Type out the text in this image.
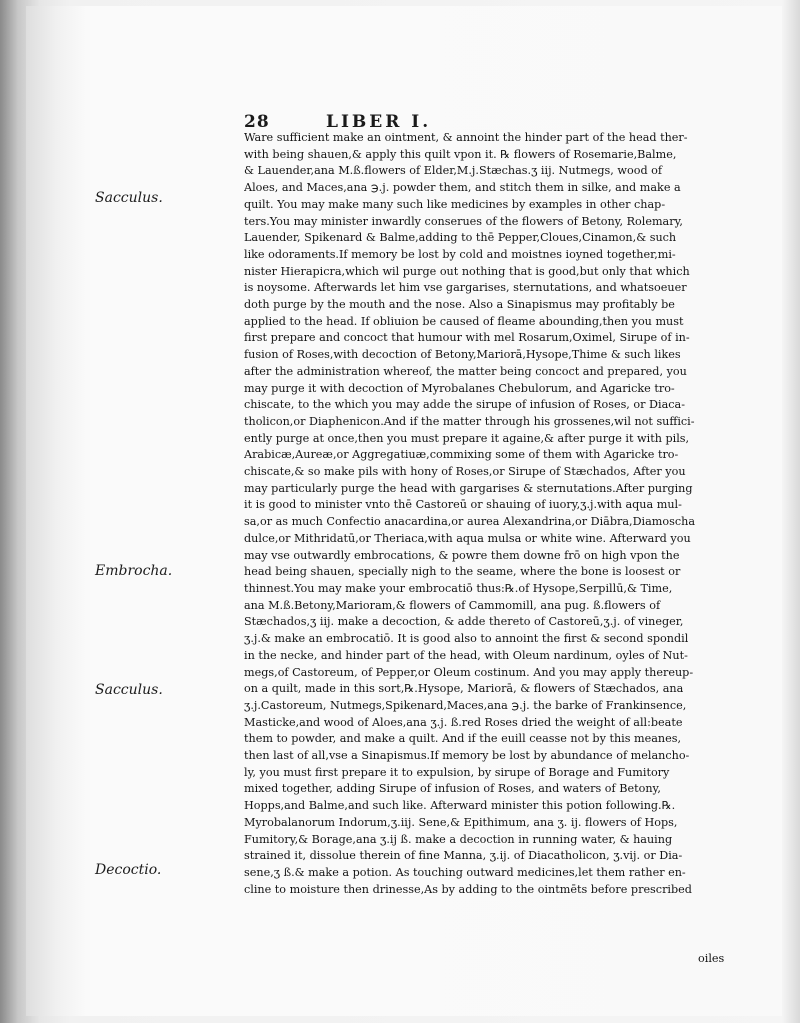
28	LIBER I.
Sacculus.
Embrocha.
Sacculus.
Decoctio.
Ware sufficient make an ointment, & annoint the hinder part of the head ther-
with being shauen,& apply this quilt vpon it. ℞ flowers of Rosemarie,Balme,
& Lauender,ana M.ß.flowers of Elder,M.j.Stæchas.ʒ iij. Nutmegs, wood of
Aloes, and Maces,ana ℈.j. powder them, and stitch them in silke, and make a
quilt. You may make many such like medicines by examples in other chap-
ters.You may minister inwardly conserues of the flowers of Betony, Rolemary,
Lauender, Spikenard & Balme,adding to thē Pepper,Cloues,Cinamon,& such
like odoraments.If memory be lost by cold and moistnes ioyned together,mi-
nister Hierapicra,which wil purge out nothing that is good,but only that which
is noysome. Afterwards let him vse gargarises, sternutations, and whatsoeuer
doth purge by the mouth and the nose. Also a Sinapismus may profitably be
applied to the head. If obliuion be caused of fleame abounding,then you must
first prepare and concoct that humour with mel Rosarum,Oximel, Sirupe of in-
fusion of Roses,with decoction of Betony,Mariorā,Hysope,Thime & such likes
after the administration whereof, the matter being concoct and prepared, you
may purge it with decoction of Myrobalanes Chebulorum, and Agaricke tro-
chiscate, to the which you may adde the sirupe of infusion of Roses, or Diaca-
tholicon,or Diaphenicon.And if the matter through his grossenes,wil not suffici-
ently purge at once,then you must prepare it againe,& after purge it with pils,
Arabicæ,Aureæ,or Aggregatiuæ,commixing some of them with Agaricke tro-
chiscate,& so make pils with hony of Roses,or Sirupe of Stæchados, After you
may particularly purge the head with gargarises & sternutations.After purging
it is good to minister vnto thē Castoreū or shauing of iuory,ʒ.j.with aqua mul-
sa,or as much Confectio anacardina,or aurea Alexandrina,or Diābra,Diamoscha
dulce,or Mithridatū,or Theriaca,with aqua mulsa or white wine. Afterward you
may vse outwardly embrocations, & powre them downe frō on high vpon the
head being shauen, specially nigh to the seame, where the bone is loosest or
thinnest.You may make your embrocatiō thus:℞.of Hysope,Serpillū,& Time,
ana M.ß.Betony,Marioram,& flowers of Cammomill, ana pug. ß.flowers of
Stæchados,ʒ iij. make a decoction, & adde thereto of Castoreū,ʒ.j. of vineger,
ʒ.j.& make an embrocatiō. It is good also to annoint the first & second spondil
in the necke, and hinder part of the head, with Oleum nardinum, oyles of Nut-
megs,of Castoreum, of Pepper,or Oleum costinum. And you may apply thereup-
on a quilt, made in this sort,℞.Hysope, Mariorā, & flowers of Stæchados, ana
ʒ.j.Castoreum, Nutmegs,Spikenard,Maces,ana ℈.j. the barke of Frankinsence,
Masticke,and wood of Aloes,ana ʒ.j. ß.red Roses dried the weight of all:beate
them to powder, and make a quilt. And if the euill ceasse not by this meanes,
then last of all,vse a Sinapismus.If memory be lost by abundance of melancho-
ly, you must first prepare it to expulsion, by sirupe of Borage and Fumitory
mixed together, adding Sirupe of infusion of Roses, and waters of Betony,
Hopps,and Balme,and such like. Afterward minister this potion following.℞.
Myrobalanorum Indorum,ʒ.iij. Sene,& Epithimum, ana ʒ. ij. flowers of Hops,
Fumitory,& Borage,ana ʒ.ij ß. make a decoction in running water, & hauing
strained it, dissolue therein of fine Manna, ʒ.ij. of Diacatholicon, ʒ.vij. or Dia-
sene,ʒ ß.& make a potion. As touching outward medicines,let them rather en-
cline to moisture then drinesse,As by adding to the ointmēts before prescribed
oiles
